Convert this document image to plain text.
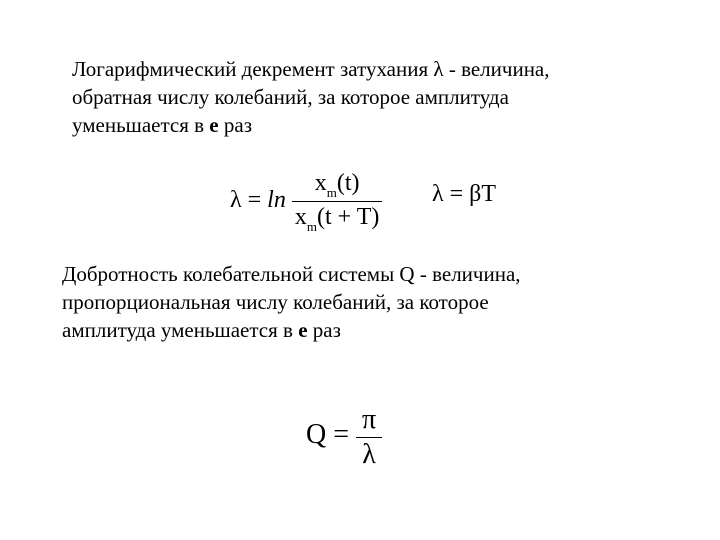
Логарифмический декремент затухания λ - величина,
обратная числу колебаний, за которое амплитуда
уменьшается в е раз
$\lambda = \ln \frac{x_m(t)}{x_m(t + T)}$ λ = βT
Добротность колебательной системы Q - величина,
пропорциональная числу колебаний, за которое
амплитуда уменьшается в е раз
$Q = \frac{\pi}{\lambda}$
